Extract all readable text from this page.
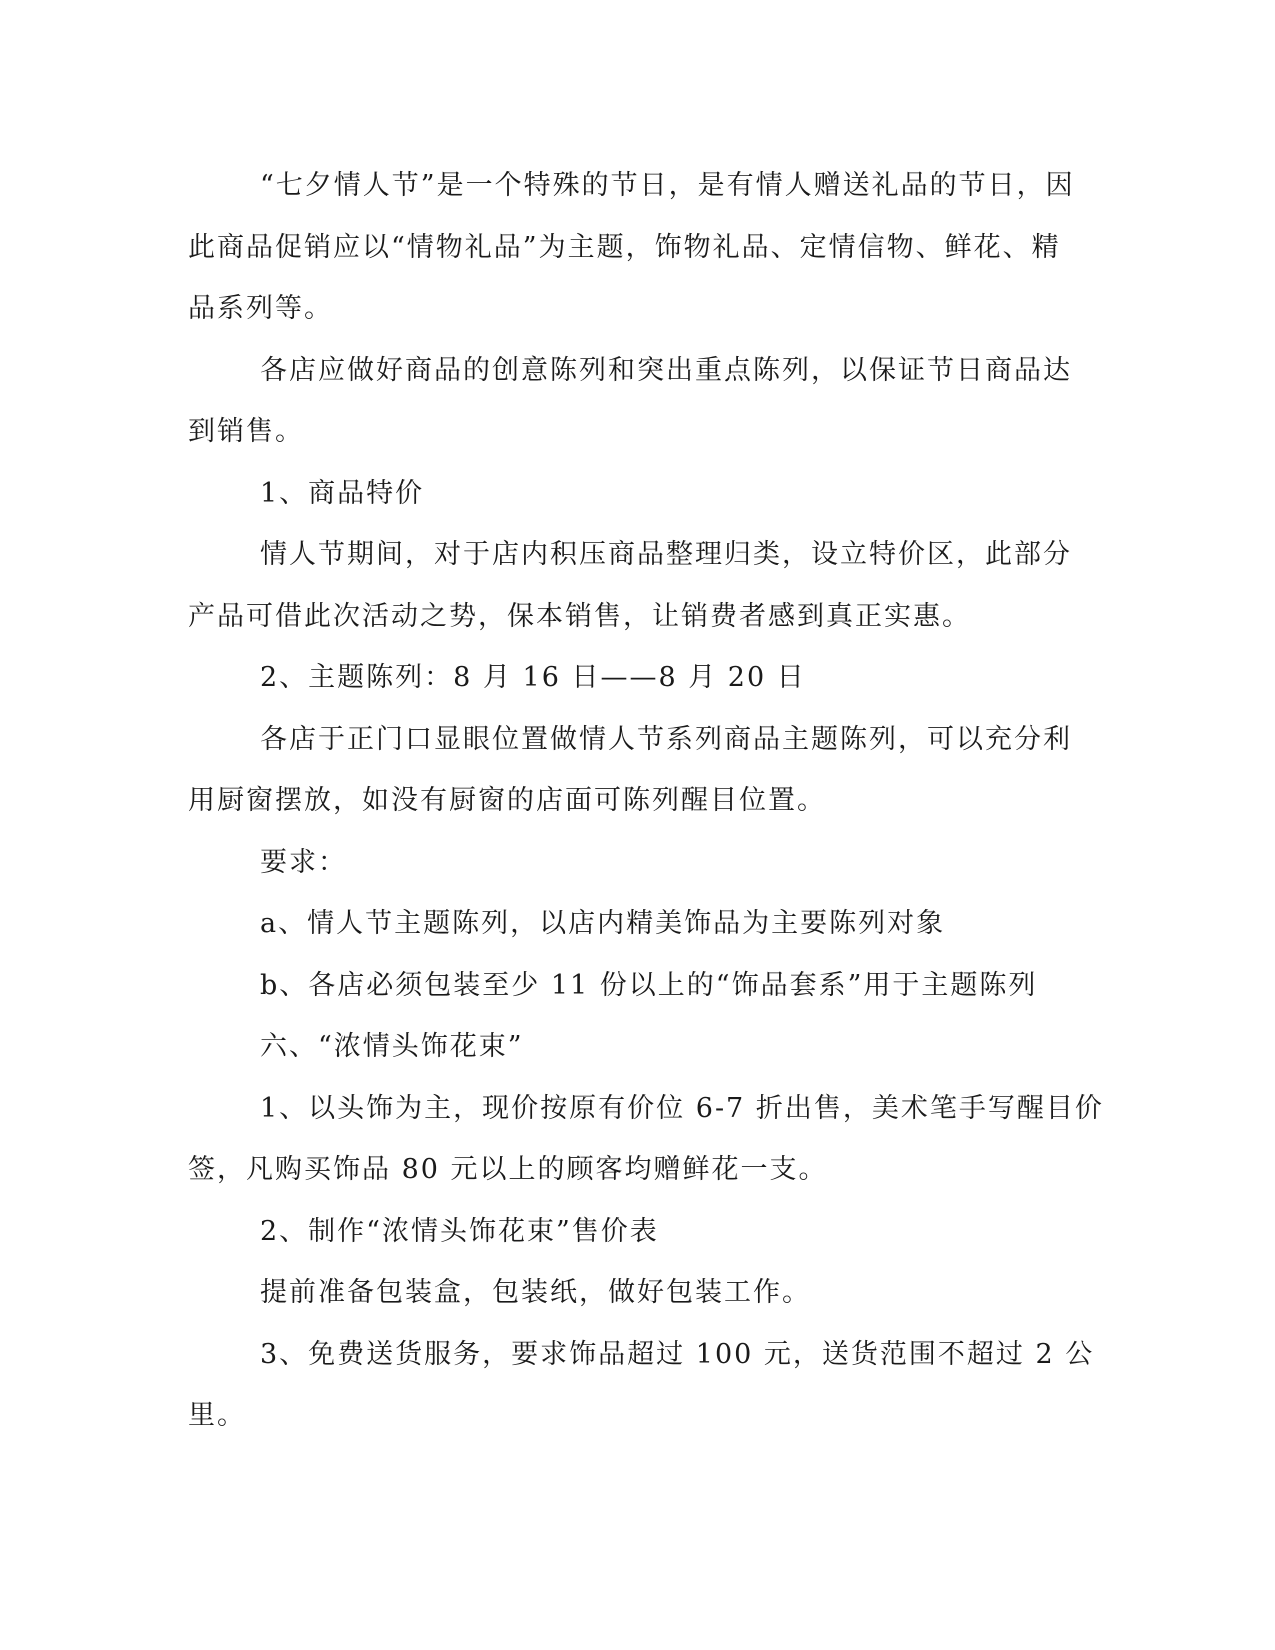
“七夕情人节”是一个特殊的节日，是有情人赠送礼品的节日，因
此商品促销应以“情物礼品”为主题，饰物礼品、定情信物、鲜花、精
品系列等。
各店应做好商品的创意陈列和突出重点陈列，以保证节日商品达
到销售。
1、商品特价
情人节期间，对于店内积压商品整理归类，设立特价区，此部分
产品可借此次活动之势，保本销售，让销费者感到真正实惠。
2、主题陈列：8 月 16 日——8 月 20 日
各店于正门口显眼位置做情人节系列商品主题陈列，可以充分利
用厨窗摆放，如没有厨窗的店面可陈列醒目位置。
要求：
a、情人节主题陈列，以店内精美饰品为主要陈列对象
b、各店必须包装至少 11 份以上的“饰品套系”用于主题陈列
六、“浓情头饰花束”
1、以头饰为主，现价按原有价位 6-7 折出售，美术笔手写醒目价
签，凡购买饰品 80 元以上的顾客均赠鲜花一支。
2、制作“浓情头饰花束”售价表
提前准备包装盒，包装纸，做好包装工作。
3、免费送货服务，要求饰品超过 100 元，送货范围不超过 2 公
里。
